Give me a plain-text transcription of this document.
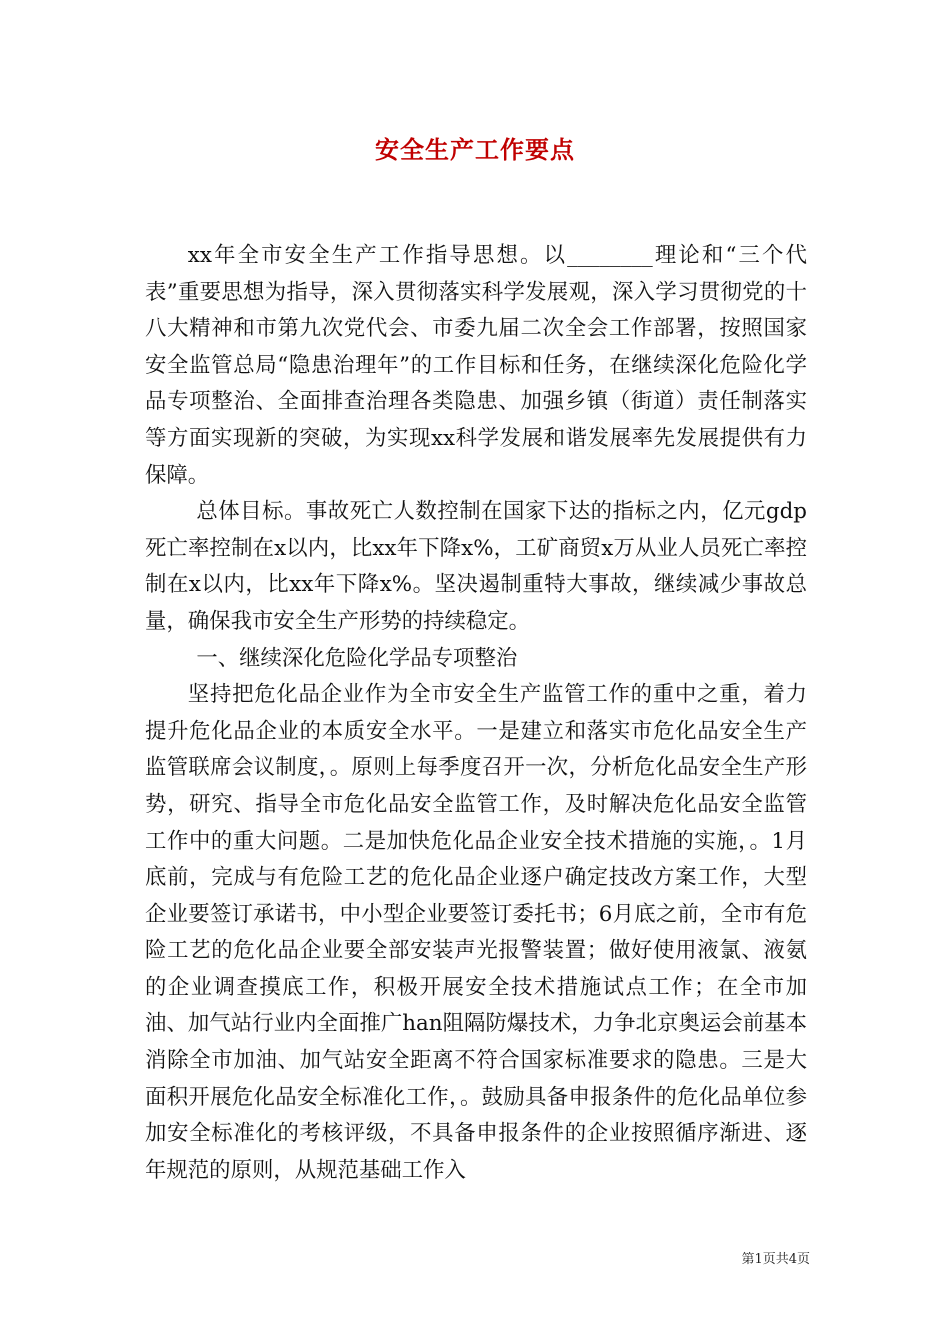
安全生产工作要点

xx年全市安全生产工作指导思想。以________理论和“三个代表”重要思想为指导，深入贯彻落实科学发展观，深入学习贯彻党的十八大精神和市第九次党代会、市委九届二次全会工作部署，按照国家安全监管总局“隐患治理年”的工作目标和任务，在继续深化危险化学品专项整治、全面排查治理各类隐患、加强乡镇（街道）责任制落实等方面实现新的突破，为实现xx科学发展和谐发展率先发展提供有力保障。

总体目标。事故死亡人数控制在国家下达的指标之内，亿元gdp死亡率控制在x以内，比xx年下降x%，工矿商贸x万从业人员死亡率控制在x以内，比xx年下降x%。坚决遏制重特大事故，继续减少事故总量，确保我市安全生产形势的持续稳定。

一、继续深化危险化学品专项整治

坚持把危化品企业作为全市安全生产监管工作的重中之重，着力提升危化品企业的本质安全水平。一是建立和落实市危化品安全生产监管联席会议制度，。原则上每季度召开一次，分析危化品安全生产形势，研究、指导全市危化品安全监管工作，及时解决危化品安全监管工作中的重大问题。二是加快危化品企业安全技术措施的实施，。1月底前，完成与有危险工艺的危化品企业逐户确定技改方案工作，大型企业要签订承诺书，中小型企业要签订委托书；6月底之前，全市有危险工艺的危化品企业要全部安装声光报警装置；做好使用液氯、液氨的企业调查摸底工作，积极开展安全技术措施试点工作；在全市加油、加气站行业内全面推广han阻隔防爆技术，力争北京奥运会前基本消除全市加油、加气站安全距离不符合国家标准要求的隐患。三是大面积开展危化品安全标准化工作，。鼓励具备申报条件的危化品单位参加安全标准化的考核评级，不具备申报条件的企业按照循序渐进、逐年规范的原则，从规范基础工作入

第1页共4页
